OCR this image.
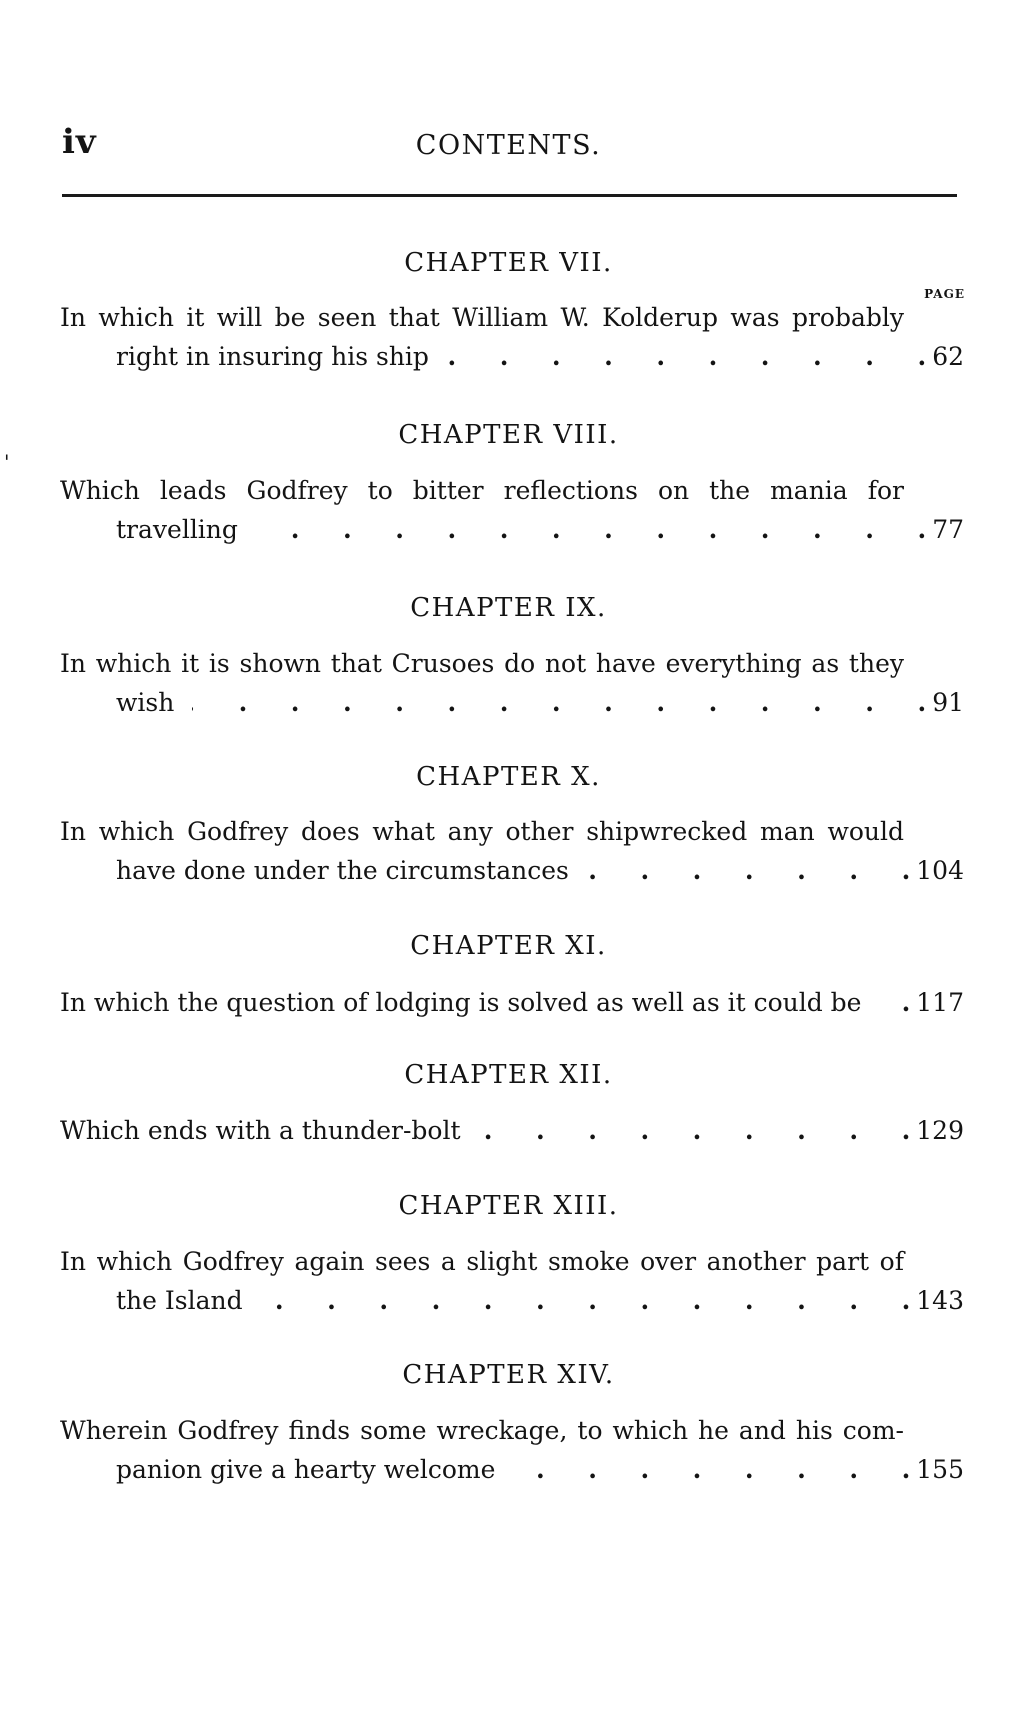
iv	CONTENTS.
PAGE
'
CHAPTER VII.
In which it will be seen that William W. Kolderup was probably
right in insuring his ship .	62
CHAPTER VIII.
Which leads Godfrey to bitter reflections on the mania for
travelling .	77
CHAPTER IX.
In which it is shown that Crusoes do not have everything as they
wish .	91
CHAPTER X.
In which Godfrey does what any other shipwrecked man would
have done under the circumstances .	104
CHAPTER XI.
In which the question of lodging is solved as well as it could be . 117
CHAPTER XII.
Which ends with a thunder-bolt .	129
CHAPTER XIII.
In which Godfrey again sees a slight smoke over another part of
the Island .	143
CHAPTER XIV.
Wherein Godfrey finds some wreckage, to which he and his com-
panion give a hearty welcome .	155
